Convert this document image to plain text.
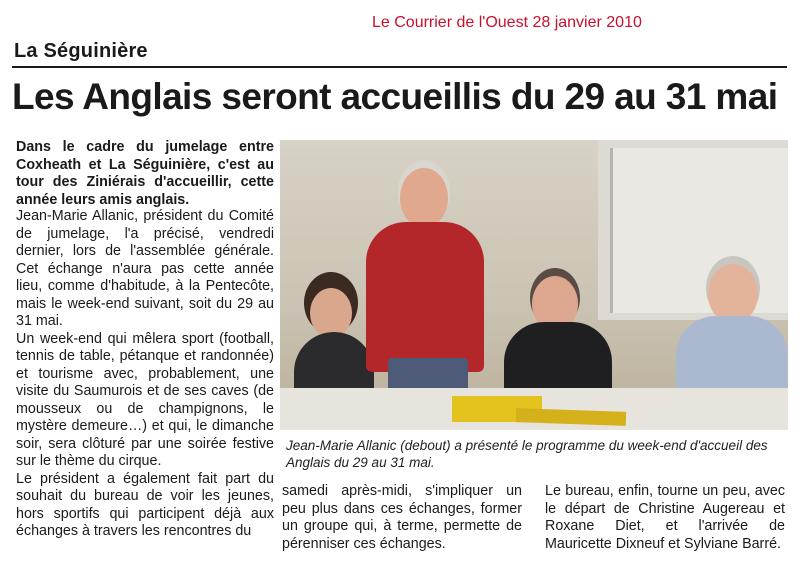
Le Courrier de l'Ouest 28 janvier 2010
La Séguinière
Les Anglais seront accueillis du 29 au 31 mai
Dans le cadre du jumelage entre Coxheath et La Séguinière, c'est au tour des Ziniérais d'accueillir, cette année leurs amis anglais.

Jean-Marie Allanic, président du Comité de jumelage, l'a précisé, vendredi dernier, lors de l'assemblée générale. Cet échange n'aura pas cette année lieu, comme d'habitude, à la Pentecôte, mais le week-end suivant, soit du 29 au 31 mai.

Un week-end qui mêlera sport (football, tennis de table, pétanque et randonnée) et tourisme avec, probablement, une visite du Saumurois et de ses caves (de mousseux ou de champignons, le mystère demeure…) et qui, le dimanche soir, sera clôturé par une soirée festive sur le thème du cirque.

Le président a également fait part du souhait du bureau de voir les jeunes, hors sportifs qui participent déjà aux échanges à travers les rencontres du

Jean-Marie Allanic (debout) a présenté le programme du week-end d'accueil des Anglais du 29 au 31 mai.
samedi après-midi, s'impliquer un peu plus dans ces échanges, former un groupe qui, à terme, permette de pérenniser ces échanges.
Le bureau, enfin, tourne un peu, avec le départ de Christine Augereau et Roxane Diet, et l'arrivée de Mauricette Dixneuf et Sylviane Barré.
